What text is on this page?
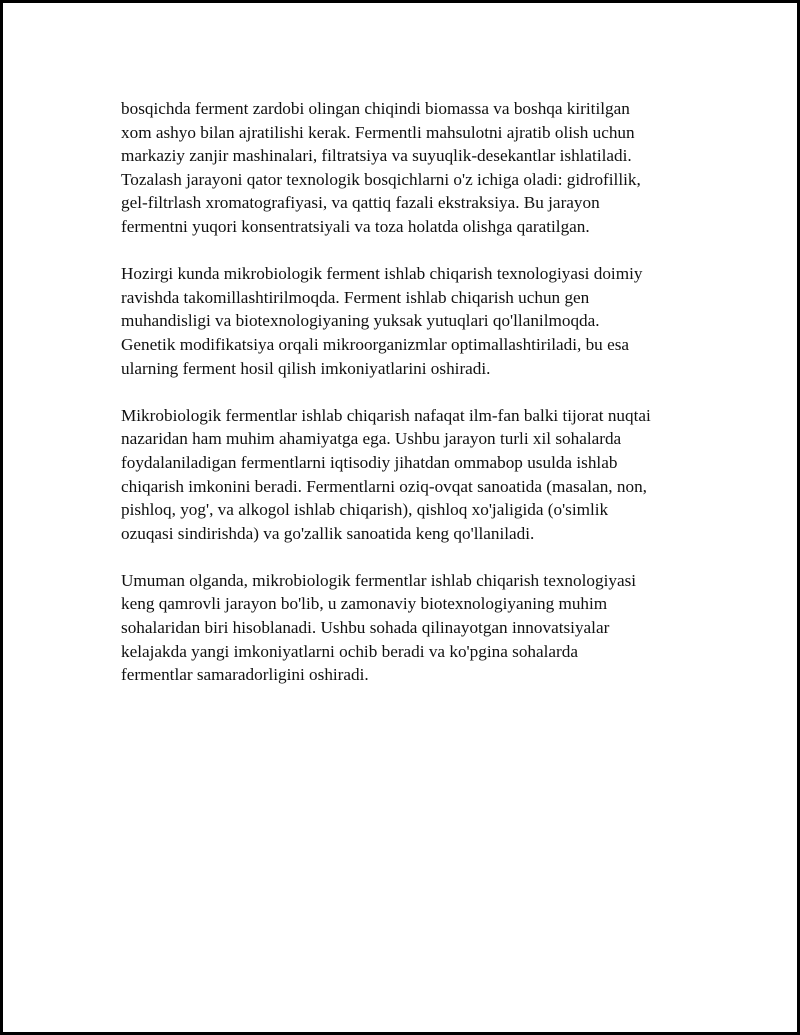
bosqichda ferment zardobi olingan chiqindi biomassa va boshqa kiritilgan
xom ashyo bilan ajratilishi kerak. Fermentli mahsulotni ajratib olish uchun
markaziy zanjir mashinalari, filtratsiya va suyuqlik-desekantlar ishlatiladi.
Tozalash jarayoni qator texnologik bosqichlarni o'z ichiga oladi: gidrofillik,
gel-filtrlash xromatografiyasi, va qattiq fazali ekstraksiya. Bu jarayon
fermentni yuqori konsentratsiyali va toza holatda olishga qaratilgan.

Hozirgi kunda mikrobiologik ferment ishlab chiqarish texnologiyasi doimiy
ravishda takomillashtirilmoqda. Ferment ishlab chiqarish uchun gen
muhandisligi va biotexnologiyaning yuksak yutuqlari qo'llanilmoqda.
Genetik modifikatsiya orqali mikroorganizmlar optimallashtiriladi, bu esa
ularning ferment hosil qilish imkoniyatlarini oshiradi.

Mikrobiologik fermentlar ishlab chiqarish nafaqat ilm-fan balki tijorat nuqtai
nazaridan ham muhim ahamiyatga ega. Ushbu jarayon turli xil sohalarda
foydalaniladigan fermentlarni iqtisodiy jihatdan ommabop usulda ishlab
chiqarish imkonini beradi. Fermentlarni oziq-ovqat sanoatida (masalan, non,
pishloq, yog', va alkogol ishlab chiqarish), qishloq xo'jaligida (o'simlik
ozuqasi sindirishda) va go'zallik sanoatida keng qo'llaniladi.

Umuman olganda, mikrobiologik fermentlar ishlab chiqarish texnologiyasi
keng qamrovli jarayon bo'lib, u zamonaviy biotexnologiyaning muhim
sohalaridan biri hisoblanadi. Ushbu sohada qilinayotgan innovatsiyalar
kelajakda yangi imkoniyatlarni ochib beradi va ko'pgina sohalarda
fermentlar samaradorligini oshiradi.
